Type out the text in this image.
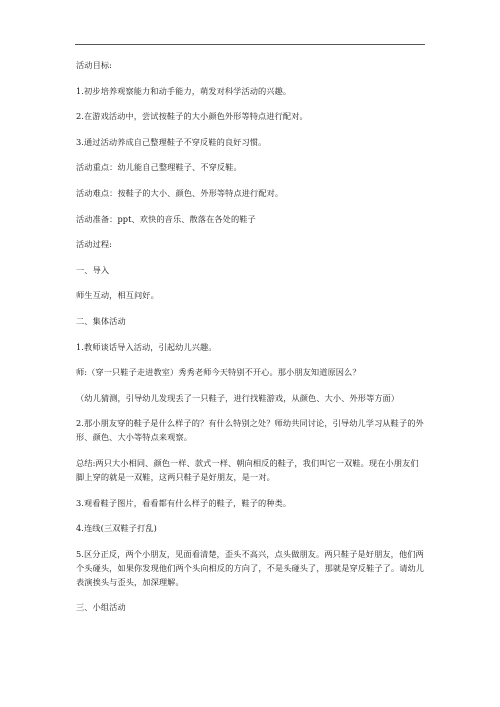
活动目标:

1.初步培养观察能力和动手能力，萌发对科学活动的兴趣。

2.在游戏活动中，尝试按鞋子的大小颜色外形等特点进行配对。

3.通过活动养成自己整理鞋子不穿反鞋的良好习惯。

活动重点：幼儿能自己整理鞋子、不穿反鞋。

活动难点：按鞋子的大小、颜色、外形等特点进行配对。

活动准备：ppt、欢快的音乐、散落在各处的鞋子

活动过程:

一、导入

师生互动，相互问好。

二、集体活动

1.教师谈话导入活动，引起幼儿兴趣。

师:（穿一只鞋子走进教室）秀秀老师今天特别不开心。那小朋友知道原因么？

（幼儿猜测，引导幼儿发现丢了一只鞋子，进行找鞋游戏，从颜色、大小、外形等方面）

2.那小朋友穿的鞋子是什么样子的？有什么特别之处？师幼共同讨论，引导幼儿学习从鞋子的外形、颜色、大小等特点来观察。

总结:两只大小相同、颜色一样、款式一样、朝向相反的鞋子，我们叫它一双鞋。现在小朋友们脚上穿的就是一双鞋，这两只鞋子是好朋友，是一对。

3.观看鞋子图片，看看都有什么样子的鞋子，鞋子的种类。

4.连线(三双鞋子打乱)

5.区分正反，两个小朋友，见面看清楚，歪头不高兴，点头做朋友。两只鞋子是好朋友，他们两个头碰头，如果你发现他们两个头向相反的方向了，不是头碰头了，那就是穿反鞋子了。请幼儿表演挨头与歪头，加深理解。

三、小组活动
